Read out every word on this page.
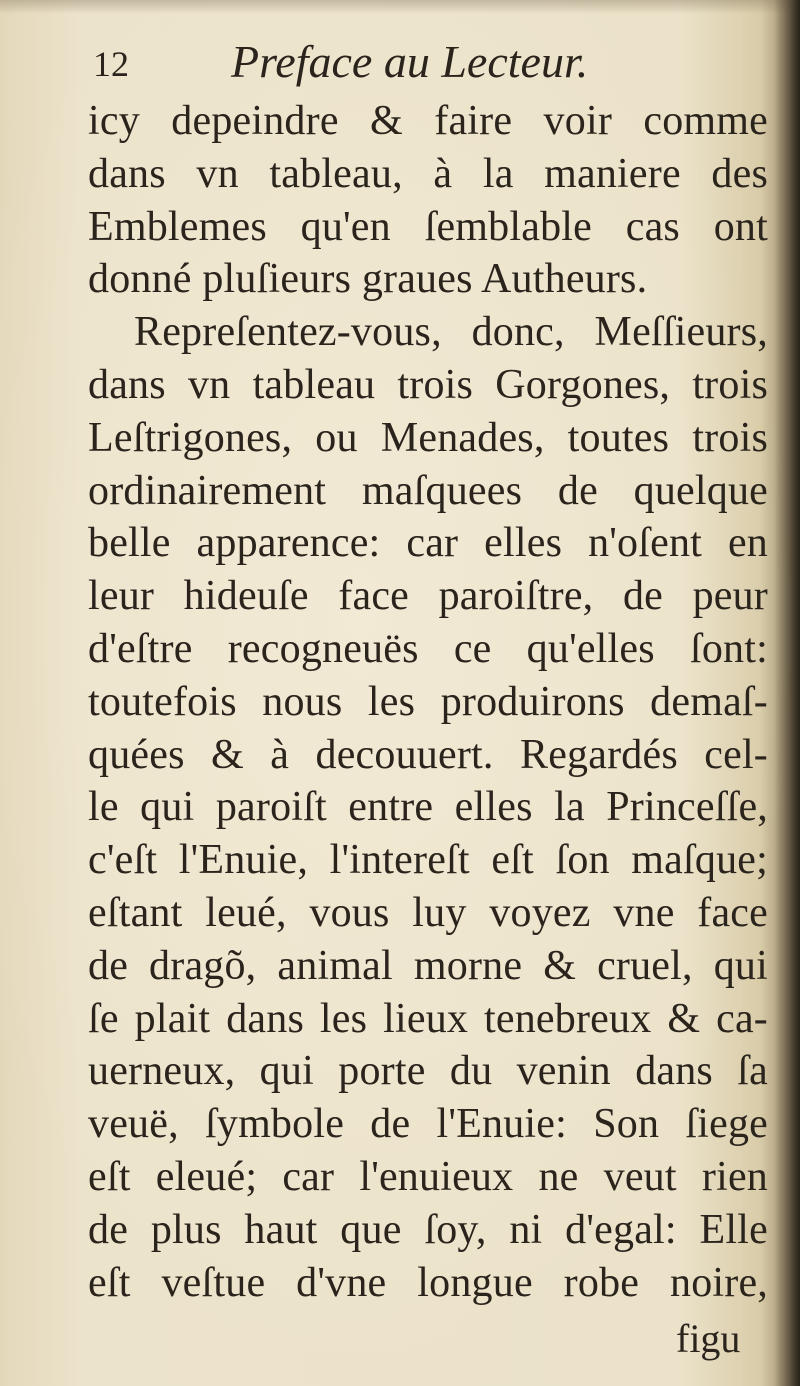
12 Preface au Lecteur.
icy depeindre & faire voir comme
dans vn tableau, à la maniere des
Emblemes qu'en ſemblable cas ont
donné pluſieurs graues Autheurs.
Repreſentez-vous, donc, Meſſieurs,
dans vn tableau trois Gorgones, trois
Leſtrigones, ou Menades, toutes trois
ordinairement maſquees de quelque
belle apparence: car elles n'oſent en
leur hideuſe face paroiſtre, de peur
d'eſtre recogneuës ce qu'elles ſont:
toutefois nous les produirons demaſ-
quées & à decouuert. Regardés cel-
le qui paroiſt entre elles la Princeſſe,
c'eſt l'Enuie, l'intereſt eſt ſon maſque;
eſtant leué, vous luy voyez vne face
de dragõ, animal morne & cruel, qui
ſe plait dans les lieux tenebreux & ca-
uerneux, qui porte du venin dans ſa
veuë, ſymbole de l'Enuie: Son ſiege
eſt eleué; car l'enuieux ne veut rien
de plus haut que ſoy, ni d'egal: Elle
eſt veſtue d'vne longue robe noire,
figu
